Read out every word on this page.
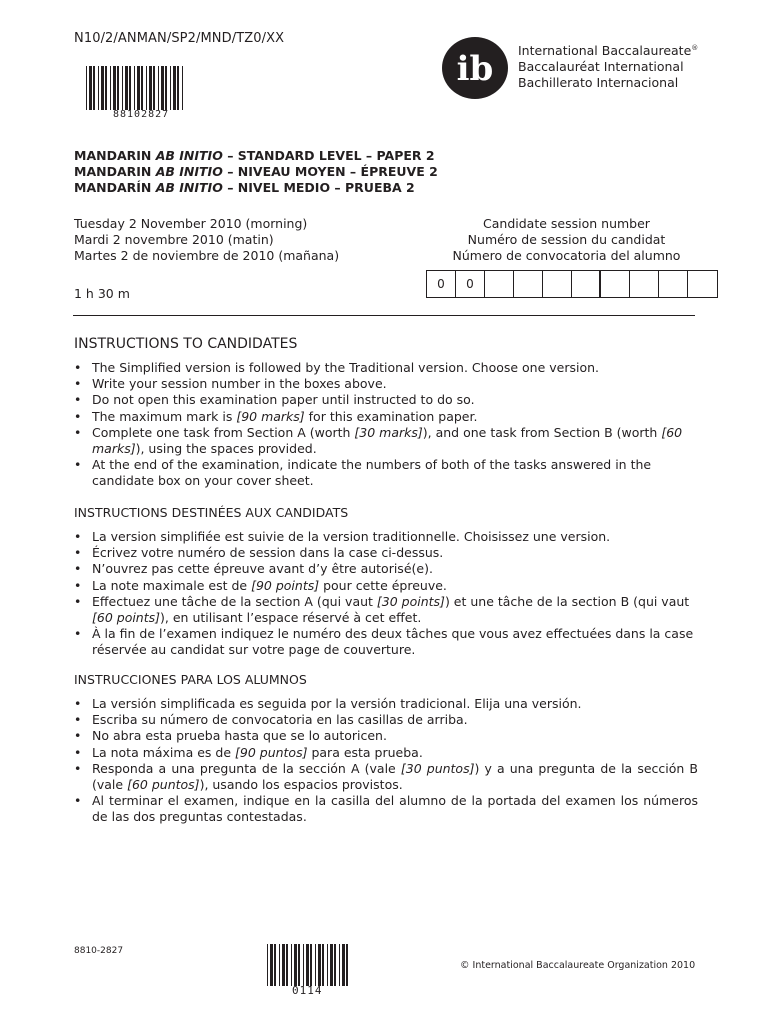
N10/2/ANMAN/SP2/MND/TZ0/XX
88102827
ib International Baccalaureate®
Baccalauréat International
Bachillerato Internacional
MANDARIN AB INITIO – STANDARD LEVEL – PAPER 2
MANDARIN AB INITIO – NIVEAU MOYEN – ÉPREUVE 2
MANDARÍN AB INITIO – NIVEL MEDIO – PRUEBA 2
Tuesday 2 November 2010 (morning)
Mardi 2 novembre 2010 (matin)
Martes 2 de noviembre de 2010 (mañana)
1 h 30 m
Candidate session number
Numéro de session du candidat
Número de convocatoria del alumno
0	0
INSTRUCTIONS TO CANDIDATES
• The Simplified version is followed by the Traditional version. Choose one version.
• Write your session number in the boxes above.
• Do not open this examination paper until instructed to do so.
• The maximum mark is [90 marks] for this examination paper.
• Complete one task from Section A (worth [30 marks]), and one task from Section B (worth [60 marks]), using the spaces provided.
• At the end of the examination, indicate the numbers of both of the tasks answered in the candidate box on your cover sheet.
INSTRUCTIONS DESTINÉES AUX CANDIDATS
• La version simplifiée est suivie de la version traditionnelle. Choisissez une version.
• Écrivez votre numéro de session dans la case ci-dessus.
• N’ouvrez pas cette épreuve avant d’y être autorisé(e).
• La note maximale est de [90 points] pour cette épreuve.
• Effectuez une tâche de la section A (qui vaut [30 points]) et une tâche de la section B (qui vaut [60 points]), en utilisant l’espace réservé à cet effet.
• À la fin de l’examen indiquez le numéro des deux tâches que vous avez effectuées dans la case réservée au candidat sur votre page de couverture.
INSTRUCCIONES PARA LOS ALUMNOS
• La versión simplificada es seguida por la versión tradicional. Elija una versión.
• Escriba su número de convocatoria en las casillas de arriba.
• No abra esta prueba hasta que se lo autoricen.
• La nota máxima es de [90 puntos] para esta prueba.
• Responda a una pregunta de la sección A (vale [30 puntos]) y a una pregunta de la sección B (vale [60 puntos]), usando los espacios provistos.
• Al terminar el examen, indique en la casilla del alumno de la portada del examen los números de las dos preguntas contestadas.
8810-2827
0114
© International Baccalaureate Organization 2010
